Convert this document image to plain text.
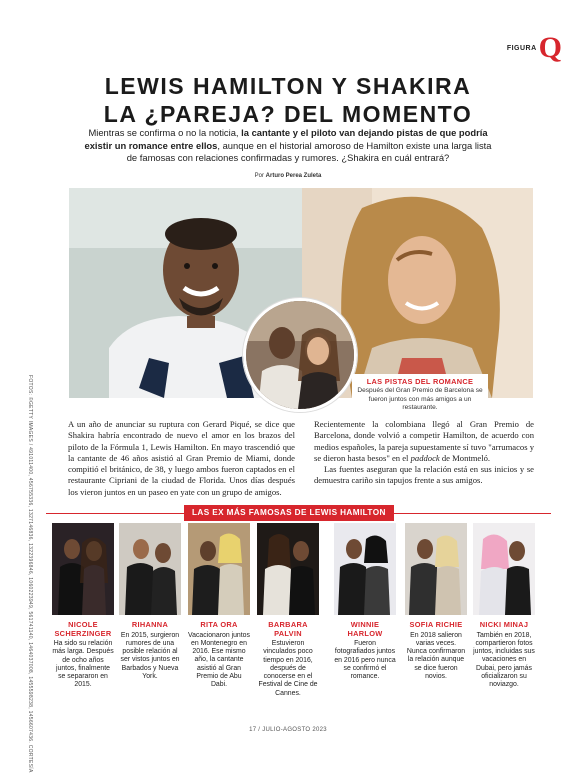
FIGURA Q
LEWIS HAMILTON Y SHAKIRA
LA ¿PAREJA? DEL MOMENTO
Mientras se confirma o no la noticia, la cantante y el piloto van dejando pistas de que podría existir un romance entre ellos, aunque en el historial amoroso de Hamilton existe una larga lista de famosas con relaciones confirmadas y rumores. ¿Shakira en cuál entrará?
Por Arturo Perea Zuleta
LAS PISTAS DEL ROMANCE
Después del Gran Premio de Barcelona se fueron juntos con más amigos a un restaurante.
FOTOS: ©GETTY IMAGES / 491011400, 456755336, 1327146836, 1322396846, 1060223949, 561741140, 1464037008, 1455598238, 1456607436. CORTESÍA	A un año de anunciar su ruptura con Gerard Piqué, se dice que Shakira habría encontrado de nuevo el amor en los brazos del piloto de la Fórmula 1, Lewis Hamilton. En mayo trascendió que la cantante de 46 años asistió al Gran Premio de Miami, donde compitió el británico, de 38, y luego ambos fueron captados en el restaurante Cipriani de la ciudad de Florida. Unos días después los vieron juntos en un paseo en yate con un grupo de amigos.

Recientemente la colombiana llegó al Gran Premio de Barcelona, donde volvió a competir Hamilton, de acuerdo con medios españoles, la pareja supuestamente sí tuvo "arrumacos y se dieron hasta besos" en el paddock de Montmeló.

Las fuentes aseguran que la relación está en sus inicios y se demuestra cariño sin tapujos frente a sus amigos.

LAS EX MÁS FAMOSAS DE LEWIS HAMILTON
NICOLE SCHERZINGER
Ha sido su relación más larga. Después de ocho años juntos, finalmente se separaron en 2015.
RIHANNA
En 2015, surgieron rumores de una posible relación al ser vistos juntos en Barbados y Nueva York.
RITA ORA
Vacacionaron juntos en Montenegro en 2016. Ese mismo año, la cantante asistió al Gran Premio de Abu Dabi.
BARBARA PALVIN
Estuvieron vinculados poco tiempo en 2016, después de conocerse en el Festival de Cine de Cannes.
WINNIE HARLOW
Fueron fotografiados juntos en 2016 pero nunca se confirmó el romance.
SOFIA RICHIE
En 2018 salieron varias veces. Nunca confirmaron la relación aunque se dice fueron novios.
NICKI MINAJ
También en 2018, compartieron fotos juntos, incluidas sus vacaciones en Dubai, pero jamás oficializaron su noviazgo.
17 / JULIO-AGOSTO 2023
